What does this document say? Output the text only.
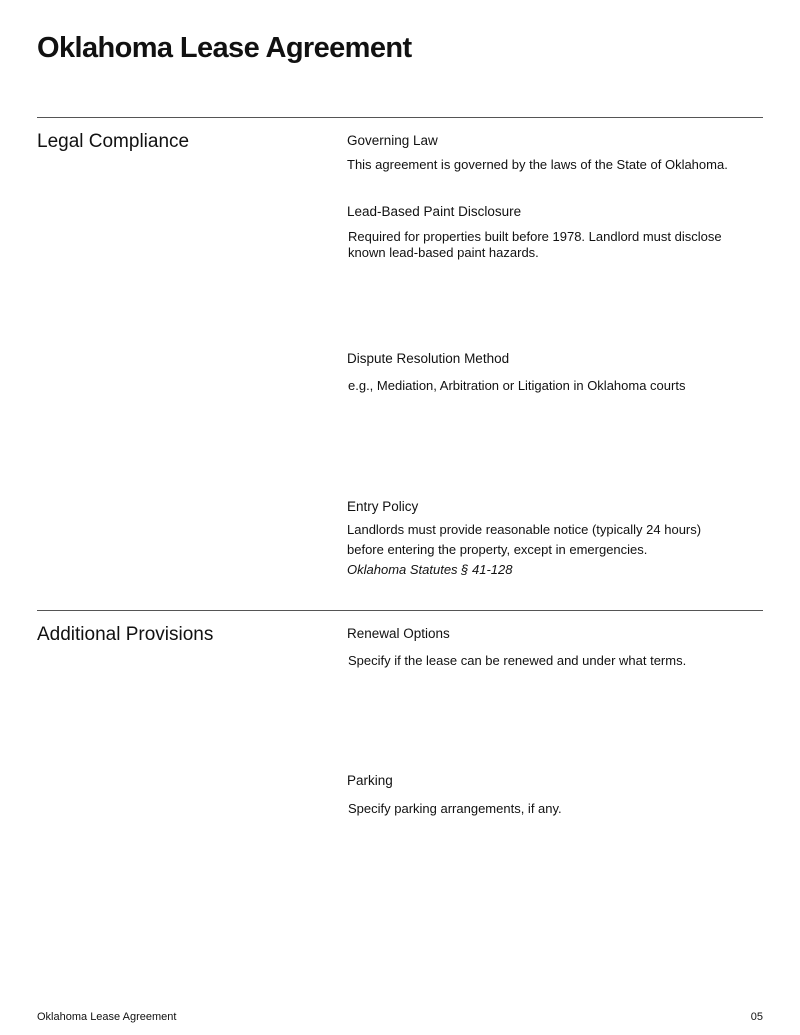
Oklahoma Lease Agreement
Legal Compliance	Governing Law

This agreement is governed by the laws of the State of Oklahoma.

Lead-Based Paint Disclosure

Required for properties built before 1978. Landlord must disclose known lead-based paint hazards.

Dispute Resolution Method

e.g., Mediation, Arbitration or Litigation in Oklahoma courts

Entry Policy

Landlords must provide reasonable notice (typically 24 hours) before entering the property, except in emergencies.

Oklahoma Statutes § 41-128

Additional Provisions	Renewal Options

Specify if the lease can be renewed and under what terms.

Parking

Specify parking arrangements, if any.

Oklahoma Lease Agreement	05
